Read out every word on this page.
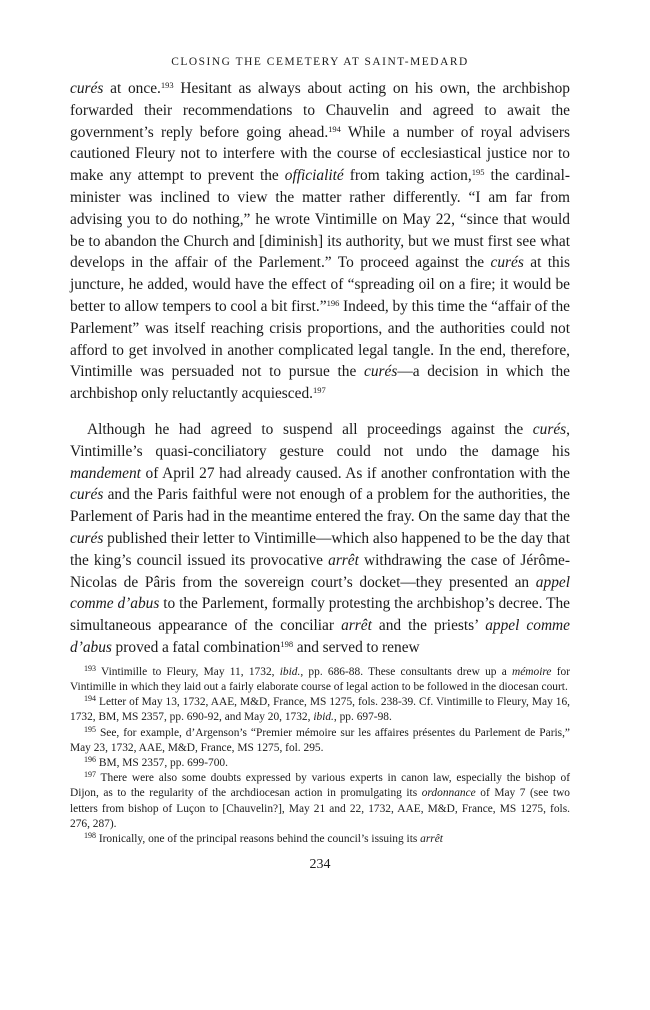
CLOSING THE CEMETERY AT SAINT-MEDARD

curés at once.$^{193}$ Hesitant as always about acting on his own, the archbishop forwarded their recommendations to Chauvelin and agreed to await the government’s reply before going ahead.$^{194}$ While a number of royal advisers cautioned Fleury not to interfere with the course of ecclesiastical justice nor to make any attempt to prevent the officialité from taking action,$^{195}$ the cardinal-minister was inclined to view the matter rather differently. “I am far from advising you to do nothing,” he wrote Vintimille on May 22, “since that would be to abandon the Church and [diminish] its authority, but we must first see what develops in the affair of the Parlement.” To proceed against the curés at this juncture, he added, would have the effect of “spreading oil on a fire; it would be better to allow tempers to cool a bit first.”$^{196}$ Indeed, by this time the “affair of the Parlement” was itself reaching crisis proportions, and the authorities could not afford to get involved in another complicated legal tangle. In the end, therefore, Vintimille was persuaded not to pursue the curés—a decision in which the archbishop only reluctantly acquiesced.$^{197}$

Although he had agreed to suspend all proceedings against the curés, Vintimille’s quasi-conciliatory gesture could not undo the damage his mandement of April 27 had already caused. As if another confrontation with the curés and the Paris faithful were not enough of a problem for the authorities, the Parlement of Paris had in the meantime entered the fray. On the same day that the curés published their letter to Vintimille—which also happened to be the day that the king’s council issued its provocative arrêt withdrawing the case of Jérôme-Nicolas de Pâris from the sovereign court’s docket—they presented an appel comme d’abus to the Parlement, formally protesting the archbishop’s decree. The simultaneous appearance of the conciliar arrêt and the priests’ appel comme d’abus proved a fatal combination$^{198}$ and served to renew

$^{193}$ Vintimille to Fleury, May 11, 1732, ibid., pp. 686-88. These consultants drew up a mémoire for Vintimille in which they laid out a fairly elaborate course of legal action to be followed in the diocesan court.

$^{194}$ Letter of May 13, 1732, AAE, M&D, France, MS 1275, fols. 238-39. Cf. Vintimille to Fleury, May 16, 1732, BM, MS 2357, pp. 690-92, and May 20, 1732, ibid., pp. 697-98.

$^{195}$ See, for example, d’Argenson’s “Premier mémoire sur les affaires présentes du Parlement de Paris,” May 23, 1732, AAE, M&D, France, MS 1275, fol. 295.

$^{196}$ BM, MS 2357, pp. 699-700.

$^{197}$ There were also some doubts expressed by various experts in canon law, especially the bishop of Dijon, as to the regularity of the archdiocesan action in promulgating its ordonnance of May 7 (see two letters from bishop of Luçon to [Chauvelin?], May 21 and 22, 1732, AAE, M&D, France, MS 1275, fols. 276, 287).

$^{198}$ Ironically, one of the principal reasons behind the council’s issuing its arrêt

234
